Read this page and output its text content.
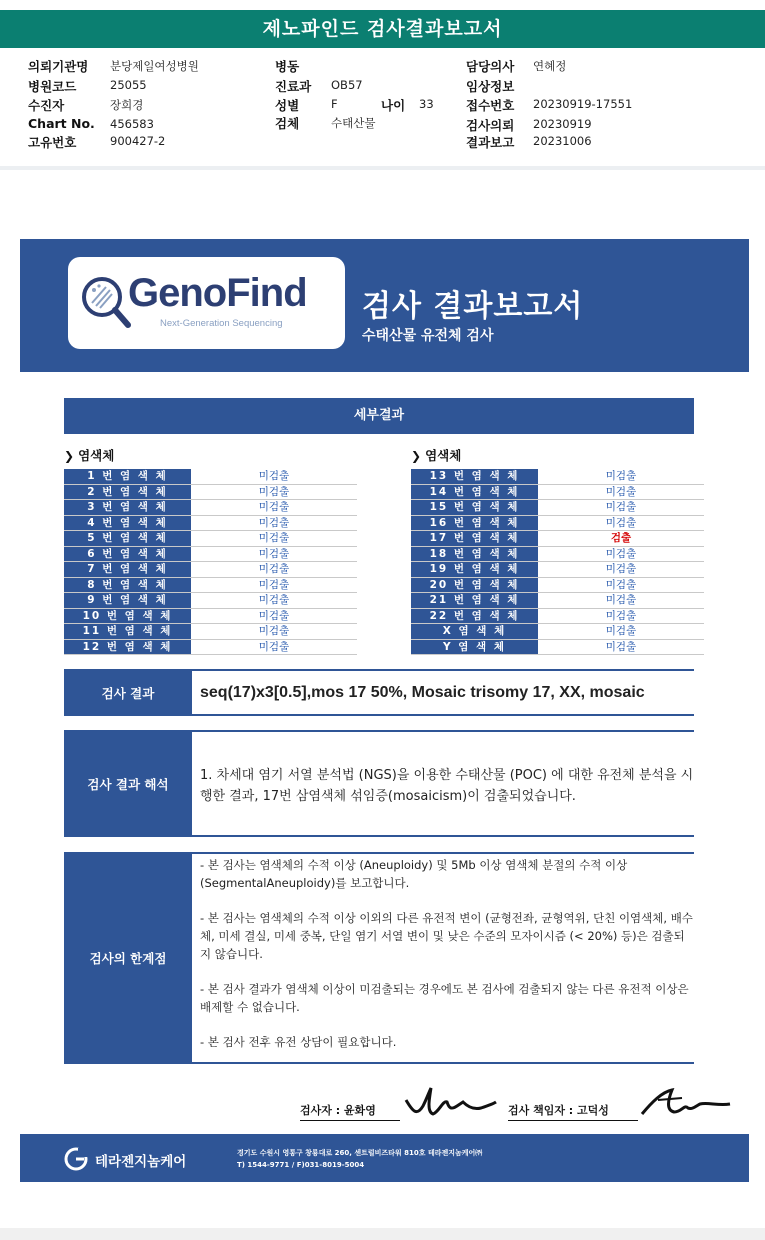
제노파인드 검사결과보고서
의뢰기관명 분당제일여성병원
병원코드	25055
수진자	장희경
Chart No. 456583
고유번호	900427-2
병동
진료과 OB57
성별	F	나이 33
검체	수태산물
담당의사 연혜정
임상정보
접수번호 20230919-17551
검사의뢰 20230919
결과보고 20231006
GenoFind
Next-Generation Sequencing	검사 결과보고서
수태산물 유전체 검사
세부결과
❯ 염색체	❯ 염색체
1 번 염 색 체	미검출
2 번 염 색 체	미검출
3 번 염 색 체	미검출
4 번 염 색 체	미검출
5 번 염 색 체	미검출
6 번 염 색 체	미검출
7 번 염 색 체	미검출
8 번 염 색 체	미검출
9 번 염 색 체	미검출
10 번 염 색 체	미검출
11 번 염 색 체	미검출
12 번 염 색 체	미검출
13 번 염 색 체	미검출
14 번 염 색 체	미검출
15 번 염 색 체	미검출
16 번 염 색 체	미검출
17 번 염 색 체	검출
18 번 염 색 체	미검출
19 번 염 색 체	미검출
20 번 염 색 체	미검출
21 번 염 색 체	미검출
22 번 염 색 체	미검출
X 염 색 체	미검출
Y 염 색 체	미검출
검사 결과	seq(17)x3[0.5],mos 17 50%, Mosaic trisomy 17, XX, mosaic
검사 결과 해석
1. 차세대 염기 서열 분석법 (NGS)을 이용한 수태산물 (POC) 에 대한 유전체 분석을 시행한 결과, 17번 삼염색체 섞임증(mosaicism)이 검출되었습니다.
검사의 한계점

- 본 검사는 염색체의 수적 이상 (Aneuploidy) 및 5Mb 이상 염색체 분절의 수적 이상 (SegmentalAneuploidy)를 보고합니다.

- 본 검사는 염색체의 수적 이상 이외의 다른 유전적 변이 (균형전좌, 균형역위, 단친 이염색체, 배수체, 미세 결실, 미세 중복, 단일 염기 서열 변이 및 낮은 수준의 모자이시즘 (< 20%) 등)은 검출되지 않습니다.

- 본 검사 결과가 염색체 이상이 미검출되는 경우에도 본 검사에 검출되지 않는 다른 유전적 이상은 배제할 수 없습니다.

- 본 검사 전후 유전 상담이 필요합니다.

검사자 : 윤화영	검사 책임자 : 고덕성
테라젠지놈케어
경기도 수원시 영통구 창룡대로 260, 센트럴비즈타워 810호 테라젠지놈케어㈜
T) 1544-9771 / F)031-8019-5004
